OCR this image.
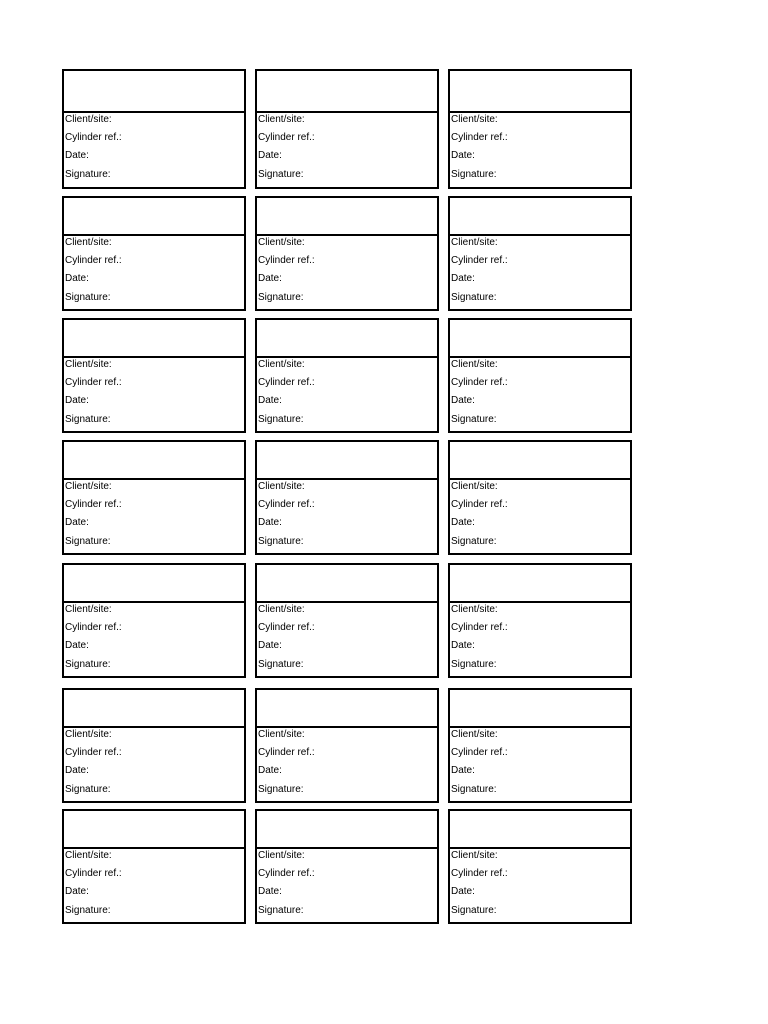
Client/site:
Cylinder ref.:
Date:
Signature:
Client/site:
Cylinder ref.:
Date:
Signature:
Client/site:
Cylinder ref.:
Date:
Signature:
Client/site:
Cylinder ref.:
Date:
Signature:
Client/site:
Cylinder ref.:
Date:
Signature:
Client/site:
Cylinder ref.:
Date:
Signature:
Client/site:
Cylinder ref.:
Date:
Signature:
Client/site:
Cylinder ref.:
Date:
Signature:
Client/site:
Cylinder ref.:
Date:
Signature:
Client/site:
Cylinder ref.:
Date:
Signature:
Client/site:
Cylinder ref.:
Date:
Signature:
Client/site:
Cylinder ref.:
Date:
Signature:
Client/site:
Cylinder ref.:
Date:
Signature:
Client/site:
Cylinder ref.:
Date:
Signature:
Client/site:
Cylinder ref.:
Date:
Signature:
Client/site:
Cylinder ref.:
Date:
Signature:
Client/site:
Cylinder ref.:
Date:
Signature:
Client/site:
Cylinder ref.:
Date:
Signature:
Client/site:
Cylinder ref.:
Date:
Signature:
Client/site:
Cylinder ref.:
Date:
Signature:
Client/site:
Cylinder ref.:
Date:
Signature:
